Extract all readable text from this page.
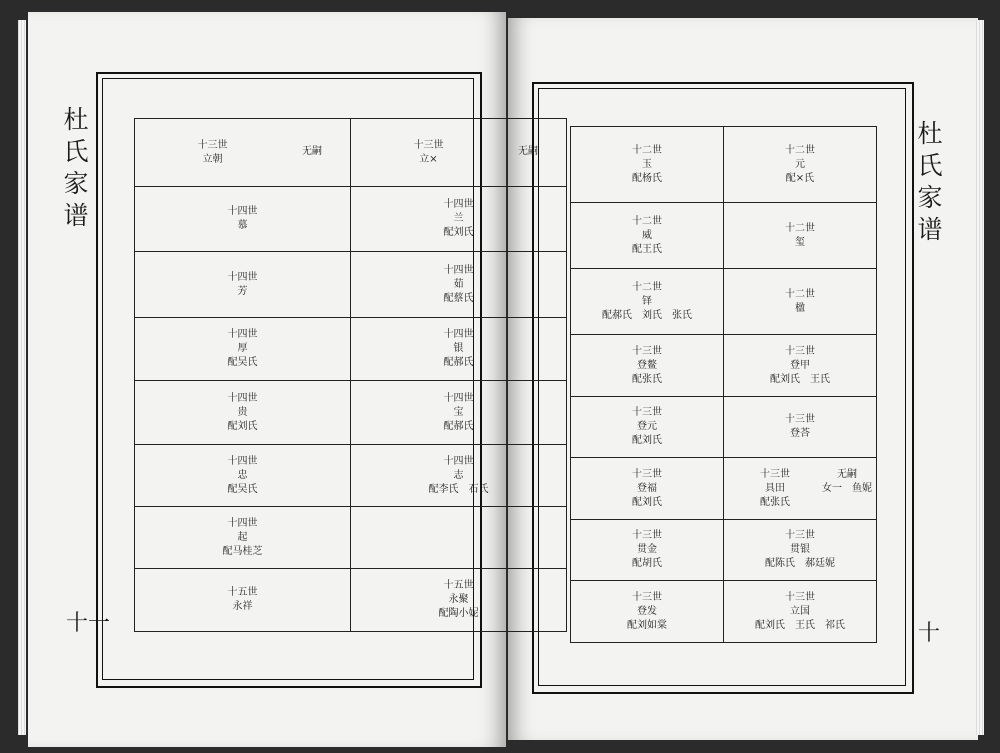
杜
氏
家
谱
杜
氏
家
谱
十一	十
十三世
立朝
无嗣	十三世
立×
无嗣

十四世
慕	十四世
兰
配刘氏

十四世
芳	十四世
茹
配蔡氏

十四世
厚
配吴氏	十四世
银
配郝氏

十四世
贵
配刘氏	十四世
宝
配郝氏

十四世
忠
配吴氏	十四世
志
配李氏　石氏

十四世
起
配马桂芝	

十五世
永祥	十五世
永聚
配陶小妮
十二世
玉
配杨氏	十二世
元
配×氏

十二世
威
配王氏	十二世
玺

十二世
铎
配郝氏　刘氏　张氏	十二世
楹

十三世
登鳌
配张氏	十三世
登甲
配刘氏　王氏

十三世
登元
配刘氏	十三世
登荅

十三世
登福
配刘氏	十三世
具田
配张氏
无嗣
女一　鱼妮

十三世
贯金
配胡氏	十三世
贯银
配陈氏　郝廷妮

十三世
登发
配刘如棠	十三世
立国
配刘氏　王氏　祁氏
